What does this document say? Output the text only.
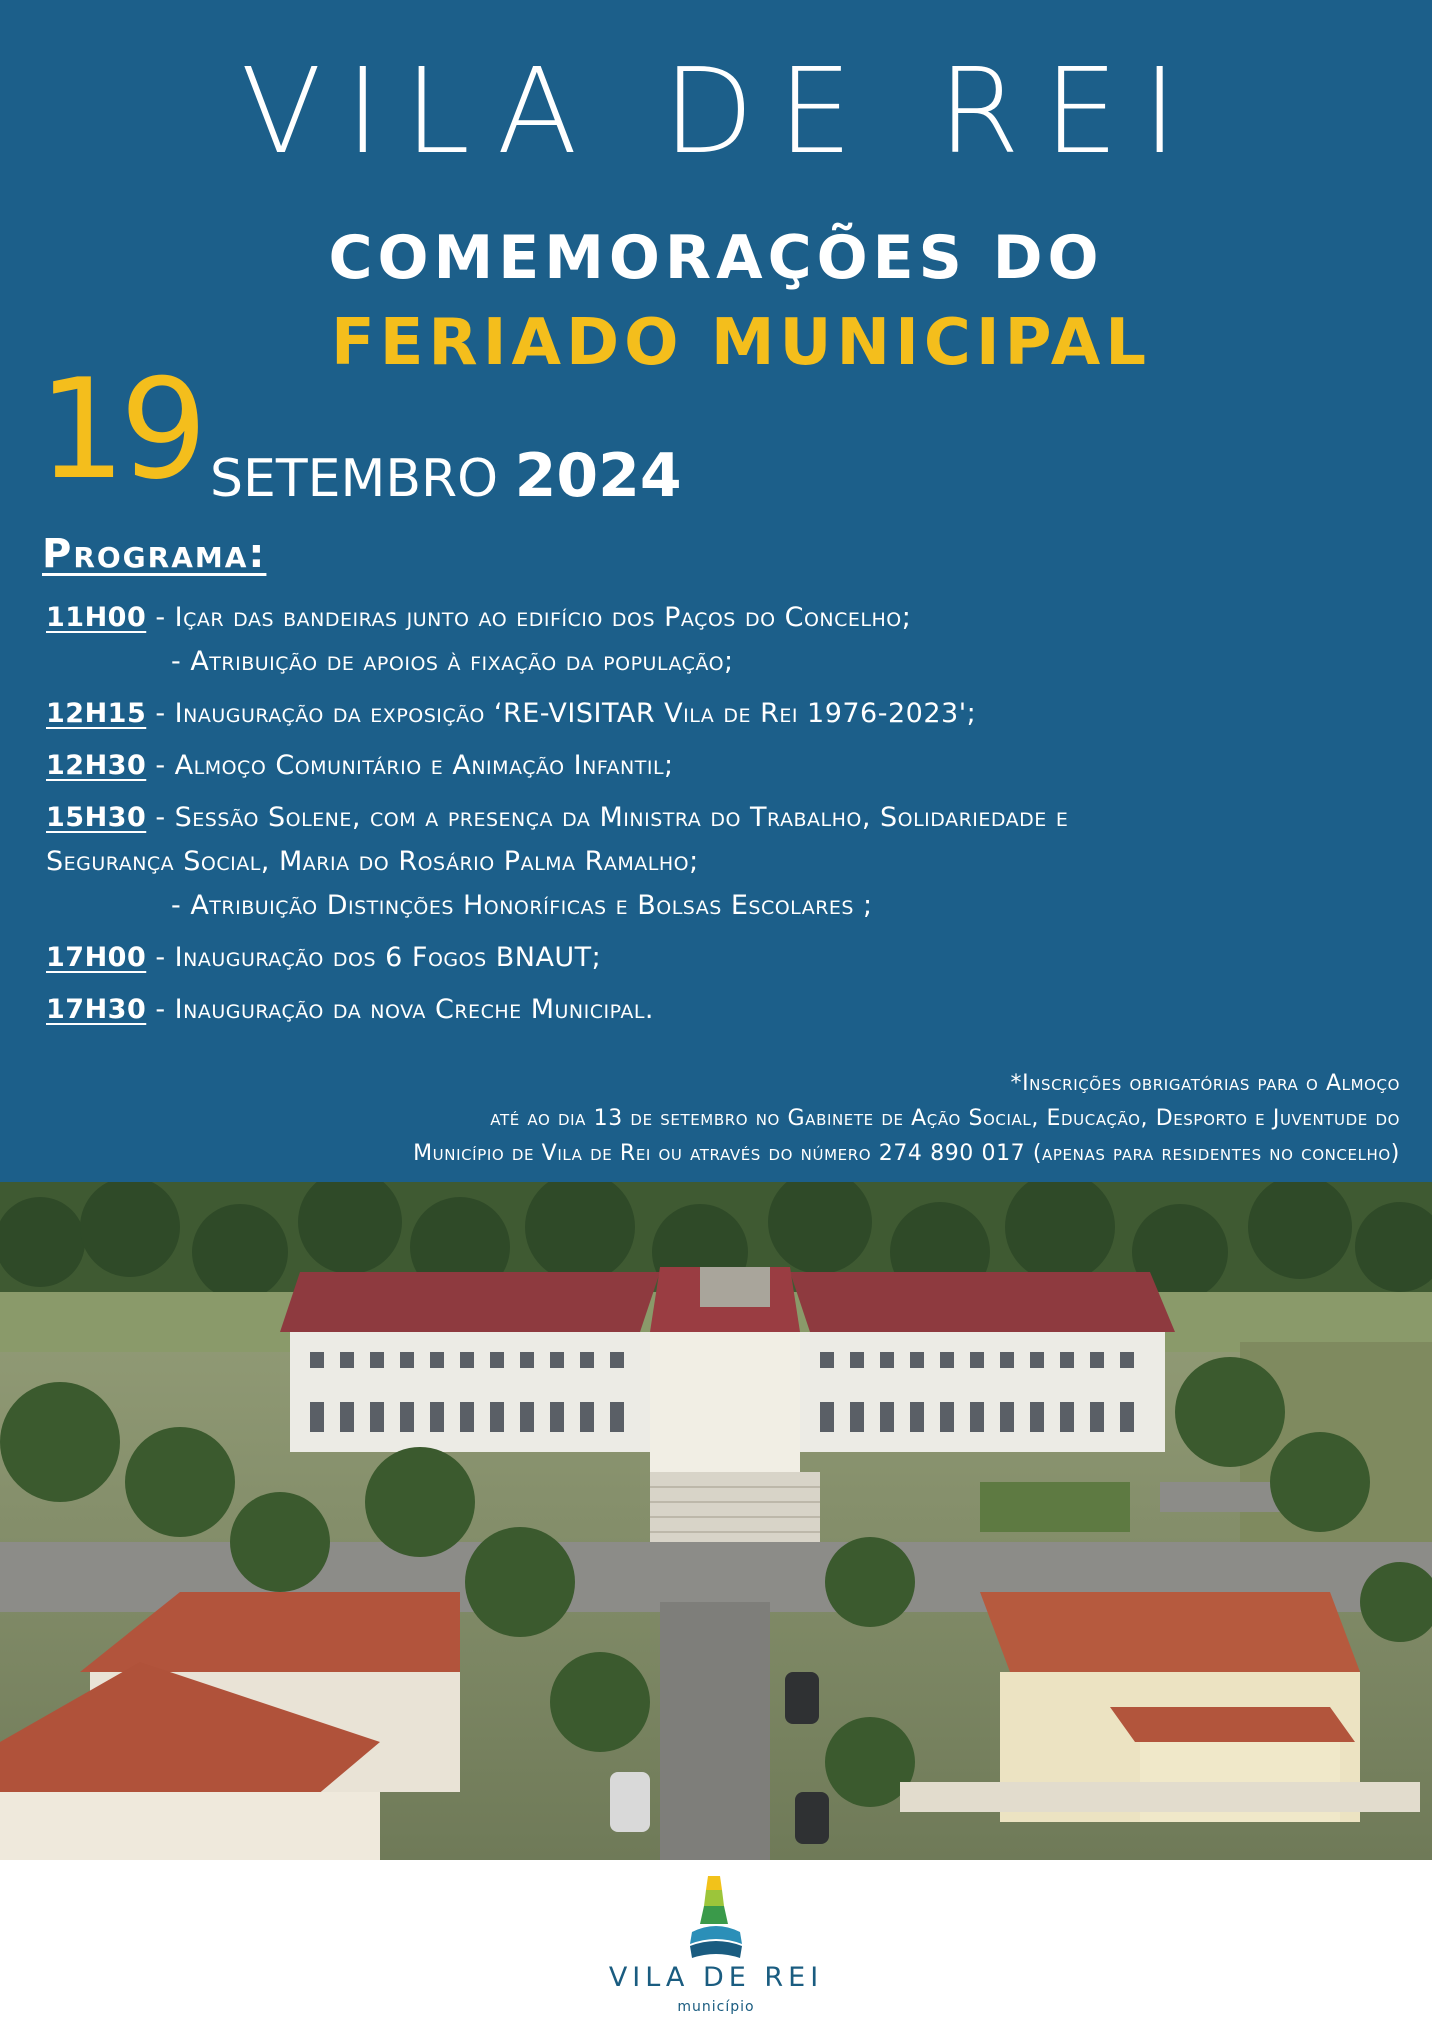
VILA DE REI
COMEMORAÇÕES DO
FERIADO MUNICIPAL
19 SETEMBRO 2024
Programa:
11H00 - Içar das bandeiras junto ao edifício dos Paços do Concelho;
- Atribuição de apoios à fixação da população;
12H15 - Inauguração da exposição ‘RE-VISITAR Vila de Rei 1976-2023';
12H30 - Almoço Comunitário e Animação Infantil;
15H30 - Sessão Solene, com a presença da Ministra do Trabalho, Solidariedade e
Segurança Social, Maria do Rosário Palma Ramalho;
- Atribuição Distinções Honoríficas e Bolsas Escolares ;
17H00 - Inauguração dos 6 Fogos BNAUT;
17H30 - Inauguração da nova Creche Municipal.
*Inscrições obrigatórias para o Almoço
até ao dia 13 de setembro no Gabinete de Ação Social, Educação, Desporto e Juventude do
Município de Vila de Rei ou através do número 274 890 017 (apenas para residentes no concelho)
VILA DE REI
município
